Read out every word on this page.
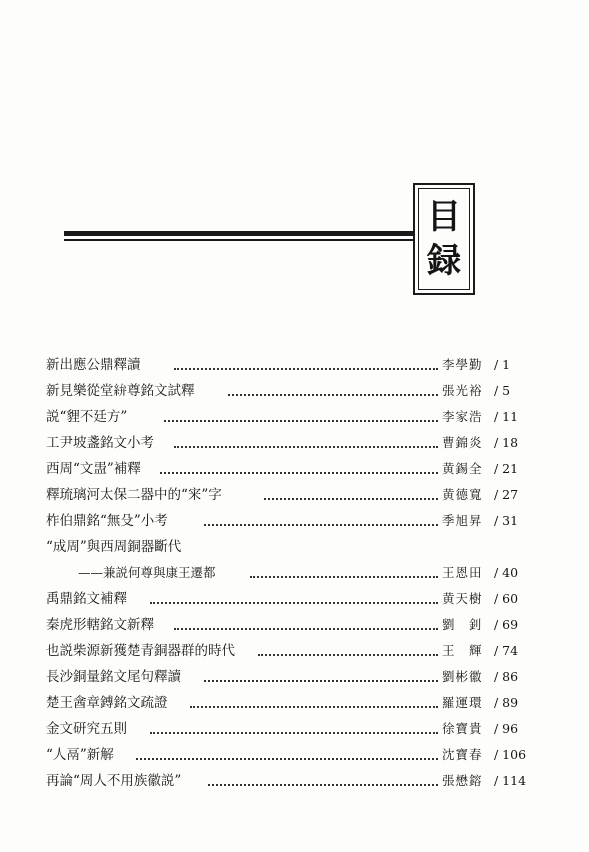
目
録
新出應公鼎釋讀	李學勤 / 1
新見樂從堂𥿋尊銘文試釋	張光裕 / 5
説“貍不廷方”	李家浩 / 11
工尹坡盞銘文小考	曹錦炎 / 18
西周“文盄”補釋	黄錫全 / 21
釋琉璃河太保二器中的“宩”字	黄德寬 / 27
柞伯鼎銘“無殳”小考	季旭昇 / 31
“成周”與西周銅器斷代
——兼説何尊與康王遷都	王恩田 / 40
禹鼎銘文補釋	黄天樹 / 60
秦虎形轄銘文新釋	劉　釗 / 69
也説柴源新獲楚青銅器群的時代	王　輝 / 74
長沙銅量銘文尾句釋讀	劉彬徽 / 86
楚王酓章鎛銘文疏證	羅運環 / 89
金文研究五則	徐寶貴 / 96
“人鬲”新解	沈寶春 / 106
再論“周人不用族徽説”	張懋鎔 / 114
